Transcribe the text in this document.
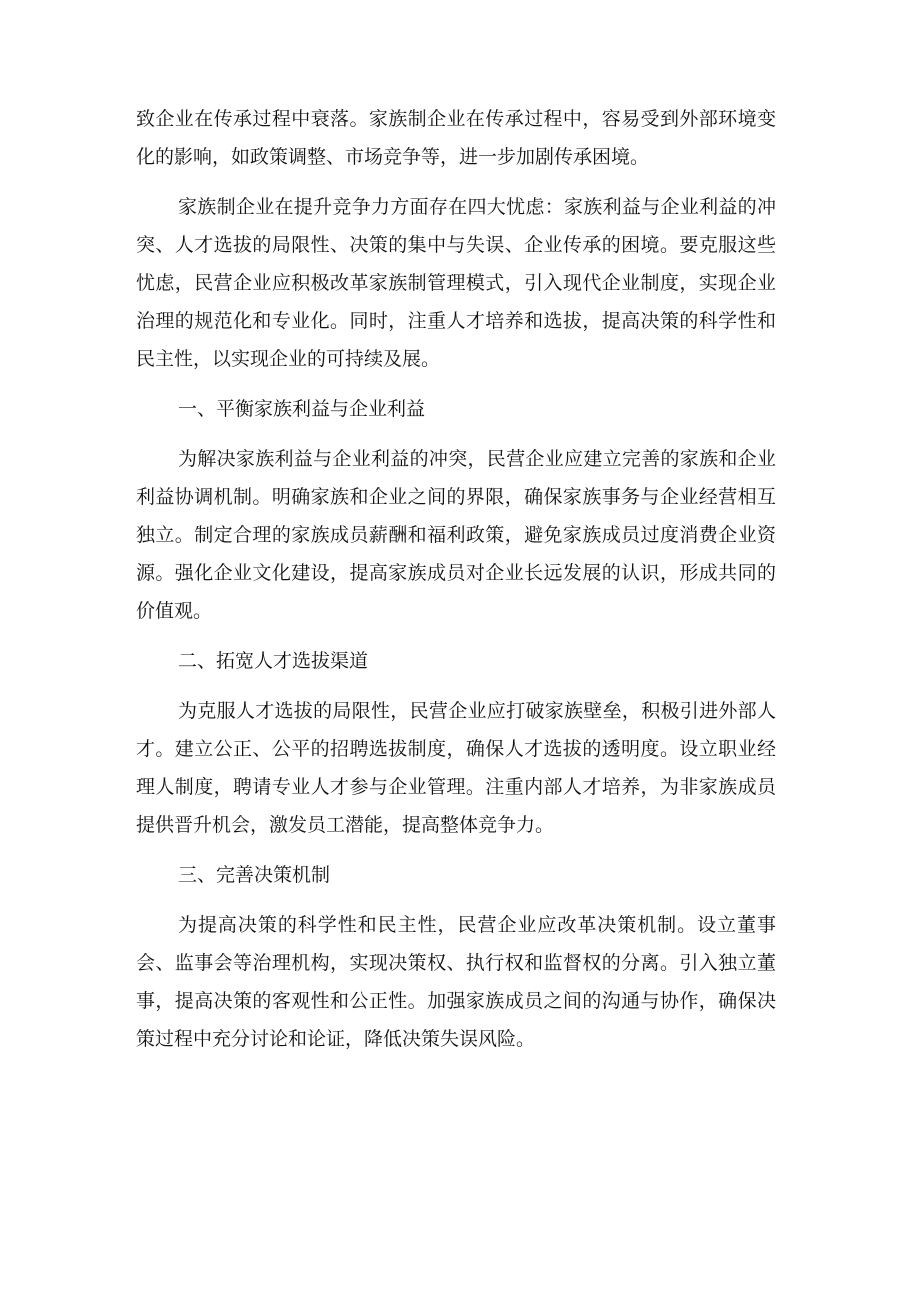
致企业在传承过程中衰落。家族制企业在传承过程中，容易受到外部环境变化的影响，如政策调整、市场竞争等，进一步加剧传承困境。

家族制企业在提升竞争力方面存在四大忧虑：家族利益与企业利益的冲突、人才选拔的局限性、决策的集中与失误、企业传承的困境。要克服这些忧虑，民营企业应积极改革家族制管理模式，引入现代企业制度，实现企业治理的规范化和专业化。同时，注重人才培养和选拔，提高决策的科学性和民主性，以实现企业的可持续及展。

一、平衡家族利益与企业利益

为解决家族利益与企业利益的冲突，民营企业应建立完善的家族和企业利益协调机制。明确家族和企业之间的界限，确保家族事务与企业经营相互独立。制定合理的家族成员薪酬和福利政策，避免家族成员过度消费企业资源。强化企业文化建设，提高家族成员对企业长远发展的认识，形成共同的价值观。

二、拓宽人才选拔渠道

为克服人才选拔的局限性，民营企业应打破家族壁垒，积极引进外部人才。建立公正、公平的招聘选拔制度，确保人才选拔的透明度。设立职业经理人制度，聘请专业人才参与企业管理。注重内部人才培养，为非家族成员提供晋升机会，激发员工潜能，提高整体竞争力。

三、完善决策机制

为提高决策的科学性和民主性，民营企业应改革决策机制。设立董事会、监事会等治理机构，实现决策权、执行权和监督权的分离。引入独立董事，提高决策的客观性和公正性。加强家族成员之间的沟通与协作，确保决策过程中充分讨论和论证，降低决策失误风险。
